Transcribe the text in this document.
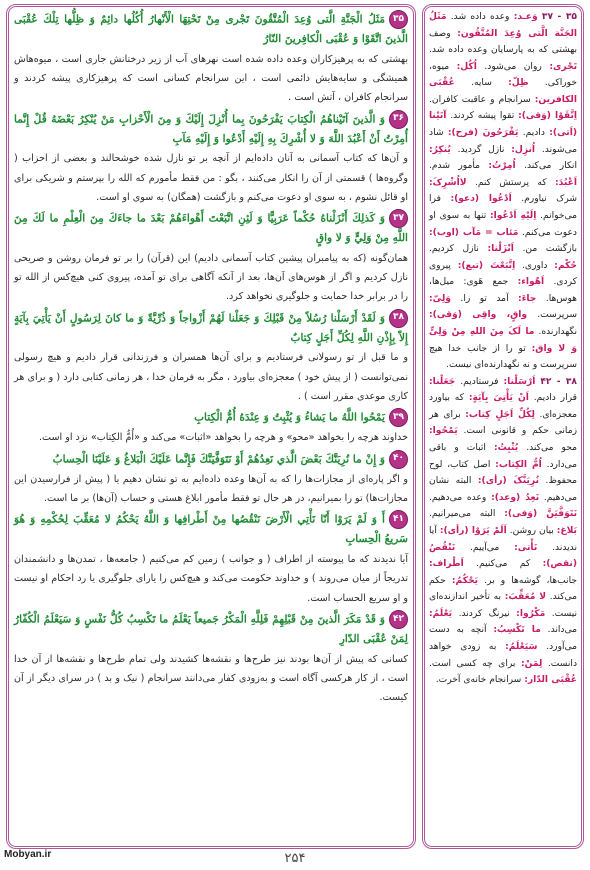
۳۵ - ۳۷ وَعـد: وعده داده شد. مَثَلُ الجَنَّة الَّتی وُعِدَ المُتَّقُون: وصف بهشتی که به پارسایان وعده داده شد. تَجْری: روان می‌شود. اُکُل: میوه، خوراکی. ظِلّ: سایه. عُقْبَی الکافرین: سرانجام و عاقبت کافران. اِتَّقَوْا (وَقی): تقوا پیشه کردند. آتَیْنا (اَتی): دادیم. یَفْرَحُونَ (فرح): شاد می‌شوند. اُنزِل: نازل گردید. یُنکِرُ: انکار می‌کند. اُمِرْتُ: مأمور شدم. اَعْبُدَ: که پرستش کنم. لااُشْرِکَ: شرک نیاورم. اَدْعُوا (دعو): فرا می‌خوانم. اِلَیْهِ اَدْعُوا: تنها به سوی او دعوت می‌کنم. مَئاب = مَآب (اوب): بازگشت من. اَنْزَلْنا: نازل کردیم. حُکْم: داوری. اِتَّبَعْتَ (تبع): پیروی کردی. اَهْواء: جمع هَوی: میل‌ها، هوس‌ها. جاءَ: آمد تو را. وَلِیّ: سرپرست. واقٍ، واقِی (وَقی): نگهدارنده. ما لَکَ مِنَ اللهِ مِنْ وَلِیٍّ وَ لا واق: تو را از جانب خدا هیچ سرپرست و نه نگهدارنده‌ای نیست.
۳۸ - ۴۲ اَرْسَلْنا: فرستادیم. جَعَلْنا: قرار دادیم. اَنْ یَأْتِیَ بِآیَةٍ: که بیاورد معجزه‌ای. لِکُلِّ اَجَلٍ کِتاب: برای هر زمانی حکم و قانونی است. یَمْحُوا: محو می‌کند. یُثْبِتُ: اثبات و باقی می‌دارد. اُمُّ الکِتاب: اصل کتاب، لوح محفوظ. نُرِیَنَّکَ (رأی): البته نشان می‌دهیم. نَعِدُ (وعد): وعده می‌دهیم. نَتَوَفَّیَنَّ (وَفی): البته می‌میرانیم. بَلاغ: بیان روشن. اَلَمْ یَرَوْا (رأی): آیا ندیدند. نَأْتی: می‌آییم. نَنْقُصُ (نقص): کم می‌کنیم. اَطْراف: جانب‌ها، گوشه‌ها و بر. یَحْکُمُ: حکم می‌کند. لا مُعَقِّبَ: به تأخیر اندازنده‌ای نیست. مَکْرُوا: نیرنگ کردند. یَعْلَمُ: می‌داند. ما تَکْسِبُ: آنچه به دست می‌آورد. سَیَعْلَمُ: به زودی خواهد دانست. لِمَنْ: برای چه کسی است. عُقْبَی الدّار: سرانجام خانه‌ی آخرت.

۳۵مَثَلُ الْجَنَّةِ الَّتی وُعِدَ الْمُتَّقُونَ تَجْری مِنْ تَحْتِهَا الْأَنْهارُ أُكُلُها دائِمٌ وَ ظِلُّها تِلْكَ عُقْبَى الَّذينَ اتَّقَوْا وَ عُقْبَى الْكافِرينَ النّارُ

بهشتی که به پرهیزکاران وعده داده شده است نهرهای آب از زیر درختانش جاری است ، میوه‌هاش همیشگی و سایه‌هایش دائمی است ، این سرانجام کسانی است که پرهیزکاری پیشه کردند و سرانجام کافران ، آتش است .

۳۶وَ الَّذينَ آتَيْناهُمُ الْكِتابَ يَفْرَحُونَ بِما أُنْزِلَ إِلَيْكَ وَ مِنَ الْأَحْزابِ مَنْ يُنْكِرُ بَعْضَهُ قُلْ إِنَّما أُمِرْتُ أَنْ أَعْبُدَ اللَّهَ وَ لا أُشْرِكَ بِهِ إِلَيْهِ أَدْعُوا وَ إِلَيْهِ مَآبِ

و آن‌ها که کتاب آسمانی به آنان داده‌ایم از آنچه بر تو نازل شده خوشحالند و بعضی از احزاب ( وگروه‌ها ) قسمتی از آن را انکار می‌کنند ، بگو : من فقط مأمورم که الله را بپرستم و شریکی برای او قائل نشوم ، به سوی او دعوت می‌کنم و بازگشت (همگان) به سوی او است.

۳۷وَ كَذلِكَ أَنْزَلْناهُ حُكْماً عَرَبِيًّا وَ لَئِنِ اتَّبَعْتَ أَهْواءَهُمْ بَعْدَ ما جاءَكَ مِنَ الْعِلْمِ ما لَكَ مِنَ اللَّهِ مِنْ وَلِيٍّ وَ لا واقٍ

همان‌گونه (که به پیامبران پیشین کتاب آسمانی دادیم) این (قرآن) را بر تو فرمان روشن و صریحی نازل کردیم و اگر از هوس‌های آن‌ها، بعد از آنکه آگاهی برای تو آمده، پیروی کنی هیچ‌کس از الله تو را در برابر خدا حمایت و جلوگیری نخواهد کرد.

۳۸وَ لَقَدْ أَرْسَلْنا رُسُلاً مِنْ قَبْلِكَ وَ جَعَلْنا لَهُمْ أَزْواجاً وَ ذُرِّيَّةً وَ ما كانَ لِرَسُولٍ أَنْ يَأْتِيَ بِآيَةٍ إِلاّ بِإِذْنِ اللَّهِ لِكُلِّ أَجَلٍ كِتابٌ

و ما قبل از تو رسولانی فرستادیم و برای آن‌ها همسران و فرزندانی قرار دادیم و هیچ رسولی نمی‌توانست ( از پیش خود ) معجزه‌ای بیاورد ، مگر به فرمان خدا ، هر زمانی کتابی دارد ( و برای هر کاری موعدی مقرر است ) .

۳۹يَمْحُوا اللَّهُ ما يَشاءُ وَ يُثْبِتُ وَ عِنْدَهُ أُمُّ الْكِتابِ

خداوند هرچه را بخواهد «محو» و هرچه را بخواهد «اثبات» می‌کند و «أُمُّ الكِتاب» نزد او است.

۴۰وَ إِنْ ما نُرِيَنَّكَ بَعْضَ الَّذي نَعِدُهُمْ أَوْ نَتَوَفَّيَنَّكَ فَإِنَّما عَلَيْكَ الْبَلاغُ وَ عَلَيْنَا الْحِسابُ

و اگر پاره‌ای از مجازات‌ها را که به آن‌ها وعده داده‌ایم به تو نشان دهیم یا ( پیش از فرارسیدن این مجازات‌ها) تو را بمیرانیم، در هر حال تو فقط مأمور ابلاغ هستی و حساب (آن‌ها) بر ما است.

۴۱أَ وَ لَمْ يَرَوْا أَنّا نَأْتِي الْأَرْضَ نَنْقُصُها مِنْ أَطْرافِها وَ اللَّهُ يَحْكُمُ لا مُعَقِّبَ لِحُكْمِهِ وَ هُوَ سَريعُ الْحِسابِ

آیا ندیدند که ما پیوسته از اطراف ( و جوانب ) زمین کم می‌کنیم ( جامعه‌ها ، تمدن‌ها و دانشمندان تدریجاً از میان می‌روند ) و خداوند حکومت می‌کند و هیچ‌کس را یارای جلوگیری یا رد احکام او نیست و او سریع الحساب است.

۴۲وَ قَدْ مَكَرَ الَّذينَ مِنْ قَبْلِهِمْ فَلِلَّهِ الْمَكْرُ جَميعاً يَعْلَمُ ما تَكْسِبُ كُلُّ نَفْسٍ وَ سَيَعْلَمُ الْكُفّارُ لِمَنْ عُقْبَى الدّارِ

کسانی که پیش از آن‌ها بودند نیز طرح‌ها و نقشه‌ها کشیدند ولی تمام طرح‌ها و نقشه‌ها از آن خدا است ، از کار هرکسی آگاه است و به‌زودی کفار می‌دانند سرانجام ( نیک و بد ) در سرای دیگر از آن کیست.

Mobyan.ir	۲۵۴
